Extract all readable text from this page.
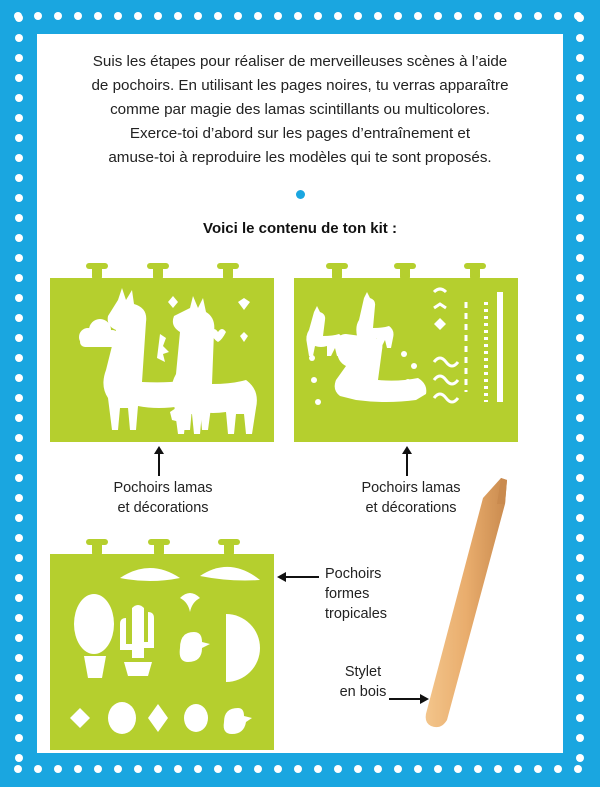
Suis les étapes pour réaliser de merveilleuses scènes à l’aide
de pochoirs. En utilisant les pages noires, tu verras apparaître
comme par magie des lamas scintillants ou multicolores.
Exerce-toi d’abord sur les pages d’entraînement et
amuse-toi à reproduire les modèles qui te sont proposés.
Voici le contenu de ton kit :
Pochoirs lamas
et décorations
Pochoirs lamas
et décorations
Pochoirs
formes
tropicales
Stylet
en bois
